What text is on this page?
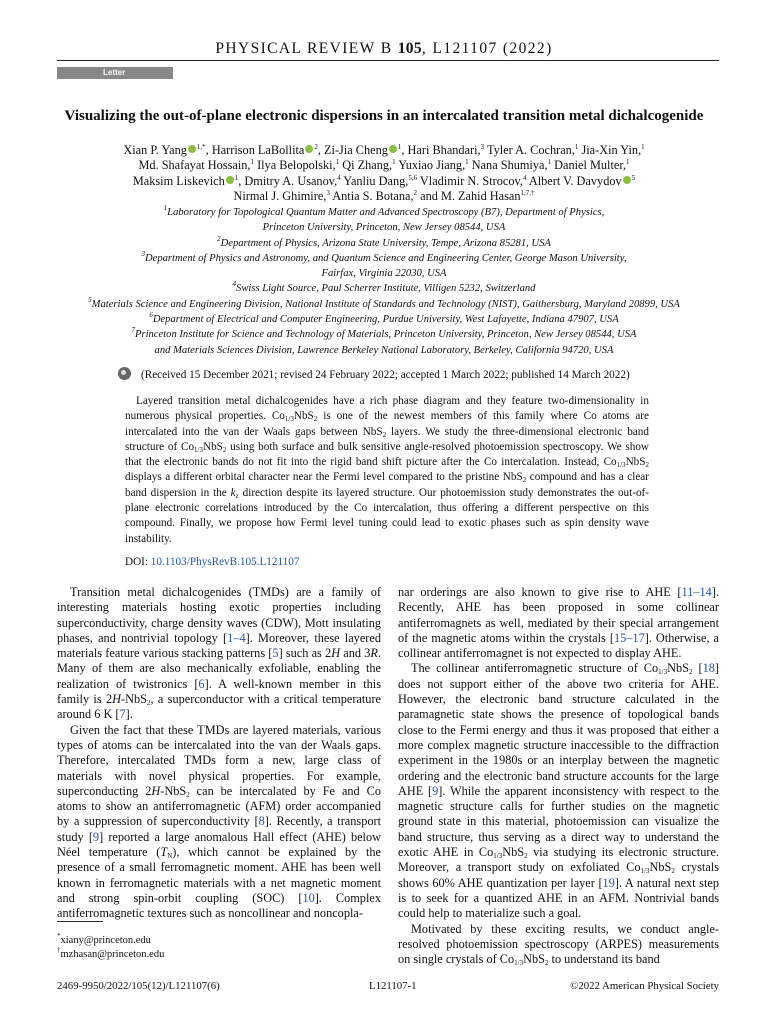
PHYSICAL REVIEW B 105, L121107 (2022)
Letter
Visualizing the out-of-plane electronic dispersions in an intercalated transition metal dichalcogenide
Xian P. Yang $^{1,*}$, Harrison LaBollita $^2$, Zi-Jia Cheng $^1$, Hari Bhandari,$^3$ Tyler A. Cochran,$^1$ Jia-Xin Yin,$^1$
Md. Shafayat Hossain,$^1$ Ilya Belopolski,$^1$ Qi Zhang,$^1$ Yuxiao Jiang,$^1$ Nana Shumiya,$^1$ Daniel Multer,$^1$
Maksim Liskevich $^1$, Dmitry A. Usanov,$^4$ Yanliu Dang,$^{5,6}$ Vladimir N. Strocov,$^4$ Albert V. Davydov $^5$
Nirmal J. Ghimire,$^3$ Antia S. Botana,$^2$ and M. Zahid Hasan$^{1,7,\dagger}$
$^1$Laboratory for Topological Quantum Matter and Advanced Spectroscopy (B7), Department of Physics,
Princeton University, Princeton, New Jersey 08544, USA
$^2$Department of Physics, Arizona State University, Tempe, Arizona 85281, USA
$^3$Department of Physics and Astronomy, and Quantum Science and Engineering Center, George Mason University,
Fairfax, Virginia 22030, USA
$^4$Swiss Light Source, Paul Scherrer Institute, Villigen 5232, Switzerland
$^5$Materials Science and Engineering Division, National Institute of Standards and Technology (NIST), Gaithersburg, Maryland 20899, USA
$^6$Department of Electrical and Computer Engineering, Purdue University, West Lafayette, Indiana 47907, USA
$^7$Princeton Institute for Science and Technology of Materials, Princeton University, Princeton, New Jersey 08544, USA
and Materials Sciences Division, Lawrence Berkeley National Laboratory, Berkeley, California 94720, USA
(Received 15 December 2021; revised 24 February 2022; accepted 1 March 2022; published 14 March 2022)
Layered transition metal dichalcogenides have a rich phase diagram and they feature two-dimensionality in numerous physical properties. $Co_{1/3}NbS_2$ is one of the newest members of this family where Co atoms are intercalated into the van der Waals gaps between NbS$_2$ layers. We study the three-dimensional electronic band structure of $Co_{1/3}NbS_2$ using both surface and bulk sensitive angle-resolved photoemission spectroscopy. We show that the electronic bands do not fit into the rigid band shift picture after the Co intercalation. Instead, $Co_{1/3}NbS_2$ displays a different orbital character near the Fermi level compared to the pristine NbS$_2$ compound and has a clear band dispersion in the $k_z$ direction despite its layered structure. Our photoemission study demonstrates the out-of-plane electronic correlations introduced by the Co intercalation, thus offering a different perspective on this compound. Finally, we propose how Fermi level tuning could lead to exotic phases such as spin density wave instability.
DOI: 10.1103/PhysRevB.105.L121107

Transition metal dichalcogenides (TMDs) are a family of interesting materials hosting exotic properties including superconductivity, charge density waves (CDW), Mott insulating phases, and nontrivial topology [1–4]. Moreover, these layered materials feature various stacking patterns [5] such as 2H and 3R. Many of them are also mechanically exfoliable, enabling the realization of twistronics [6]. A well-known member in this family is 2H-NbS$_2$, a superconductor with a critical temperature around 6 K [7].

Given the fact that these TMDs are layered materials, various types of atoms can be intercalated into the van der Waals gaps. Therefore, intercalated TMDs form a new, large class of materials with novel physical properties. For example, superconducting 2H-NbS$_2$ can be intercalated by Fe and Co atoms to show an antiferromagnetic (AFM) order accompanied by a suppression of superconductivity [8]. Recently, a transport study [9] reported a large anomalous Hall effect (AHE) below Néel temperature $(T_N)$, which cannot be explained by the presence of a small ferromagnetic moment. AHE has been well known in ferromagnetic materials with a net magnetic moment and strong spin-orbit coupling (SOC) [10]. Complex antiferromagnetic textures such as noncollinear and noncopla-

nar orderings are also known to give rise to AHE [11–14]. Recently, AHE has been proposed in some collinear antiferromagnets as well, mediated by their special arrangement of the magnetic atoms within the crystals [15–17]. Otherwise, a collinear antiferromagnet is not expected to display AHE.

The collinear antiferromagnetic structure of $Co_{1/3}NbS_2$ [18] does not support either of the above two criteria for AHE. However, the electronic band structure calculated in the paramagnetic state shows the presence of topological bands close to the Fermi energy and thus it was proposed that either a more complex magnetic structure inaccessible to the diffraction experiment in the 1980s or an interplay between the magnetic ordering and the electronic band structure accounts for the large AHE [9]. While the apparent inconsistency with respect to the magnetic structure calls for further studies on the magnetic ground state in this material, photoemission can visualize the band structure, thus serving as a direct way to understand the exotic AHE in $Co_{1/3}NbS_2$ via studying its electronic structure. Moreover, a transport study on exfoliated $Co_{1/3}NbS_2$ crystals shows 60% AHE quantization per layer [19]. A natural next step is to seek for a quantized AHE in an AFM. Nontrivial bands could help to materialize such a goal.

Motivated by these exciting results, we conduct angle-resolved photoemission spectroscopy (ARPES) measurements on single crystals of $Co_{1/3}NbS_2$ to understand its band

*xiany@princeton.edu
†mzhasan@princeton.edu
2469-9950/2022/105(12)/L121107(6)	L121107-1	©2022 American Physical Society
